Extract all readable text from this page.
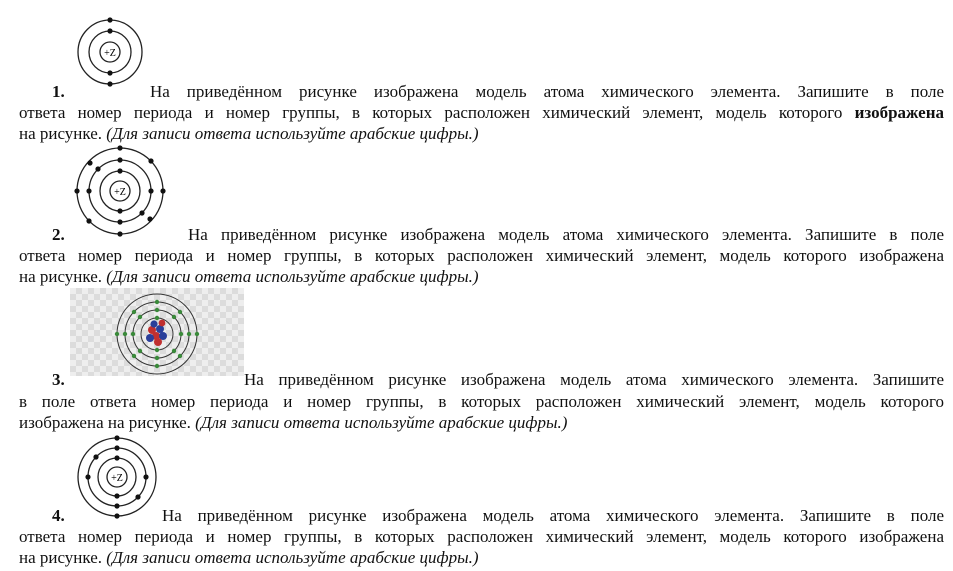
+Z
1.	На приведённом рисунке изображена модель атома химического элемента. Запишите в поле
ответа номер периода и номер группы, в которых расположен химический элемент, модель которого изображена
на рисунке. (Для записи ответа используйте арабские цифры.)
+Z
2.	На приведённом рисунке изображена модель атома химического элемента. Запишите в поле
ответа номер периода и номер группы, в которых расположен химический элемент, модель которого изображена
на рисунке. (Для записи ответа используйте арабские цифры.)
3.	На приведённом рисунке изображена модель атома химического элемента. Запишите
в поле ответа номер периода и номер группы, в которых расположен химический элемент, модель которого
изображена на рисунке. (Для записи ответа используйте арабские цифры.)
+Z
4.	На приведённом рисунке изображена модель атома химического элемента. Запишите в поле
ответа номер периода и номер группы, в которых расположен химический элемент, модель которого изображена
на рисунке. (Для записи ответа используйте арабские цифры.)
